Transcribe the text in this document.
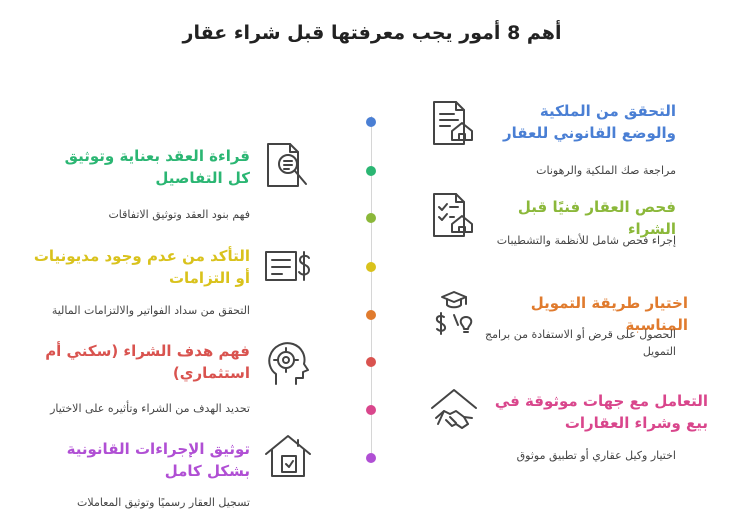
أهم 8 أمور يجب معرفتها قبل شراء عقار
التحقق من الملكية والوضع القانوني للعقار
مراجعة صك الملكية والرهونات
فحص العقار فنيًا قبل الشراء
إجراء فحص شامل للأنظمة والتشطيبات
اختيار طريقة التمويل المناسبة
الحصول على قرض أو الاستفادة من برامج التمويل
التعامل مع جهات موثوقة في بيع وشراء العقارات
اختيار وكيل عقاري أو تطبيق موثوق
قراءة العقد بعناية وتوثيق كل التفاصيل
فهم بنود العقد وتوثيق الاتفاقات
التأكد من عدم وجود مديونيات أو التزامات
التحقق من سداد الفواتير والالتزامات المالية
فهم هدف الشراء (سكني أم استثماري)
تحديد الهدف من الشراء وتأثيره على الاختيار
توثيق الإجراءات القانونية بشكل كامل
تسجيل العقار رسميًا وتوثيق المعاملات
